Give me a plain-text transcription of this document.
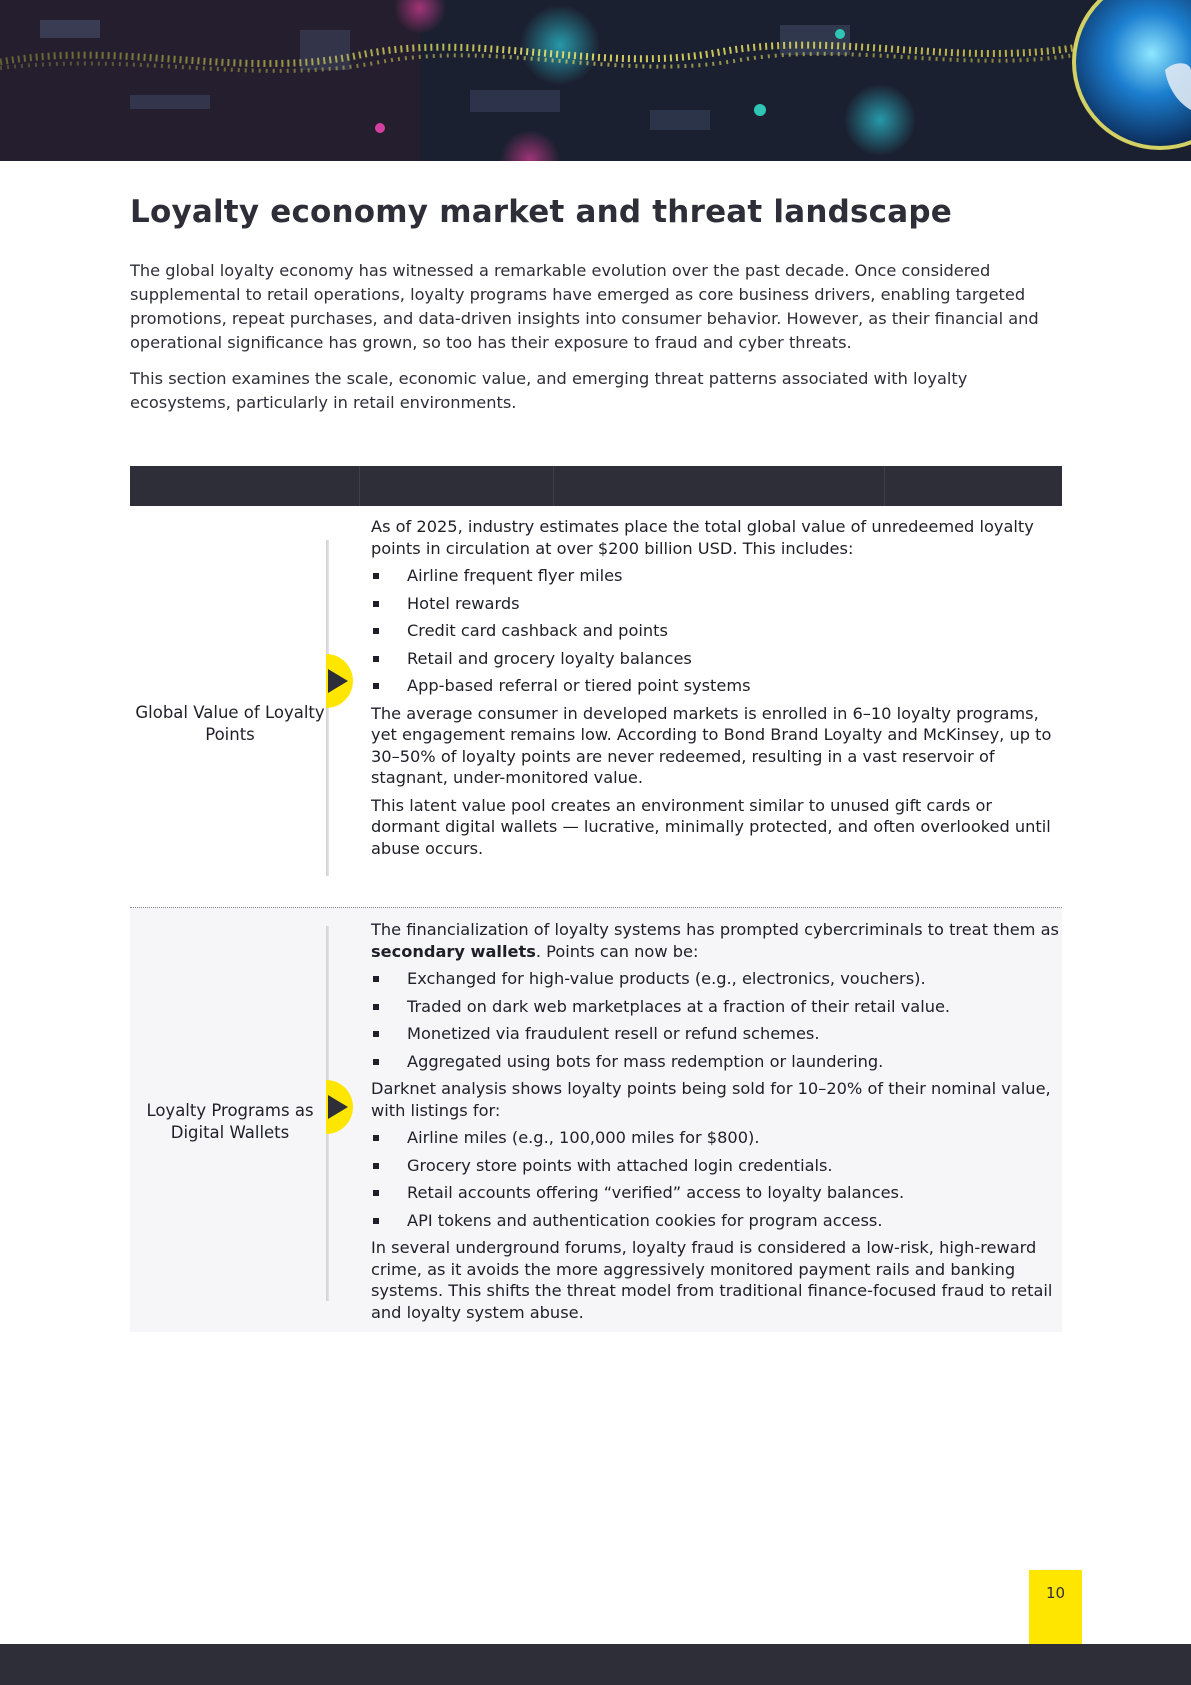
Loyalty economy market and threat landscape

The global loyalty economy has witnessed a remarkable evolution over the past decade. Once considered supplemental to retail operations, loyalty programs have emerged as core business drivers, enabling targeted promotions, repeat purchases, and data-driven insights into consumer behavior. However, as their financial and operational significance has grown, so too has their exposure to fraud and cyber threats.

This section examines the scale, economic value, and emerging threat patterns associated with loyalty ecosystems, particularly in retail environments.

Global Value of Loyalty Points

As of 2025, industry estimates place the total global value of unredeemed loyalty points in circulation at over $200 billion USD. This includes:

Airline frequent flyer miles
Hotel rewards
Credit card cashback and points
Retail and grocery loyalty balances
App-based referral or tiered point systems

The average consumer in developed markets is enrolled in 6–10 loyalty programs, yet engagement remains low. According to Bond Brand Loyalty and McKinsey, up to 30–50% of loyalty points are never redeemed, resulting in a vast reservoir of stagnant, under-monitored value.

This latent value pool creates an environment similar to unused gift cards or dormant digital wallets — lucrative, minimally protected, and often overlooked until abuse occurs.

Loyalty Programs as Digital Wallets

The financialization of loyalty systems has prompted cybercriminals to treat them as secondary wallets. Points can now be:

Exchanged for high-value products (e.g., electronics, vouchers).
Traded on dark web marketplaces at a fraction of their retail value.
Monetized via fraudulent resell or refund schemes.
Aggregated using bots for mass redemption or laundering.

Darknet analysis shows loyalty points being sold for 10–20% of their nominal value, with listings for:

Airline miles (e.g., 100,000 miles for $800).
Grocery store points with attached login credentials.
Retail accounts offering “verified” access to loyalty balances.
API tokens and authentication cookies for program access.

In several underground forums, loyalty fraud is considered a low-risk, high-reward crime, as it avoids the more aggressively monitored payment rails and banking systems. This shifts the threat model from traditional finance-focused fraud to retail and loyalty system abuse.

10
